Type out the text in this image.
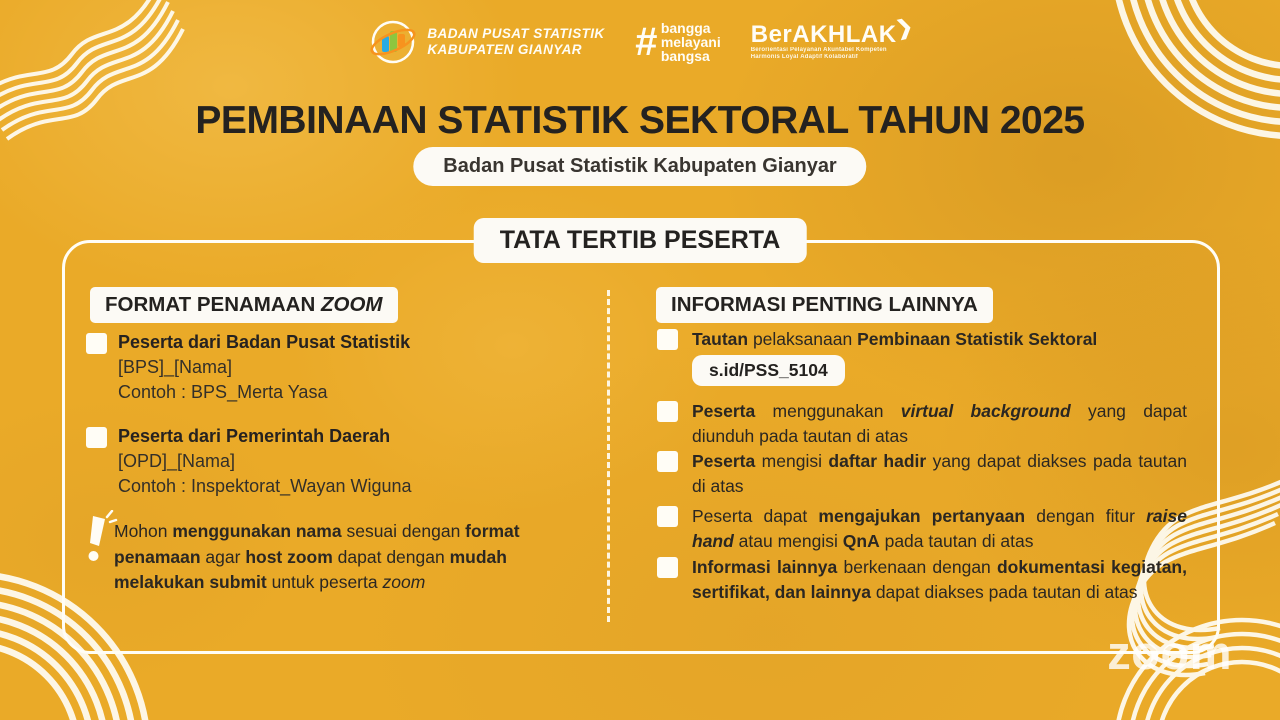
BADAN PUSAT STATISTIK
KABUPATEN GIANYAR	# bangga
melayani
bangsa
BerAKHLAK
❯
Berorientasi Pelayanan Akuntabel Kompeten
Harmonis Loyal Adaptif Kolaboratif
PEMBINAAN STATISTIK SEKTORAL TAHUN 2025
Badan Pusat Statistik Kabupaten Gianyar
TATA TERTIB PESERTA
FORMAT PENAMAAN ZOOM
Peserta dari Badan Pusat Statistik
[BPS]_[Nama]
Contoh : BPS_Merta Yasa
Peserta dari Pemerintah Daerah
[OPD]_[Nama]
Contoh : Inspektorat_Wayan Wiguna
Mohon menggunakan nama sesuai dengan format penamaan agar host zoom dapat dengan mudah melakukan submit untuk peserta zoom
INFORMASI PENTING LAINNYA
Tautan pelaksanaan Pembinaan Statistik Sektoral
s.id/PSS_5104
Peserta menggunakan virtual background yang dapat diunduh pada tautan di atas
Peserta mengisi daftar hadir yang dapat diakses pada tautan di atas
Peserta dapat mengajukan pertanyaan dengan fitur raise hand atau mengisi QnA pada tautan di atas
Informasi lainnya berkenaan dengan dokumentasi kegiatan, sertifikat, dan lainnya dapat diakses pada tautan di atas
zoom
